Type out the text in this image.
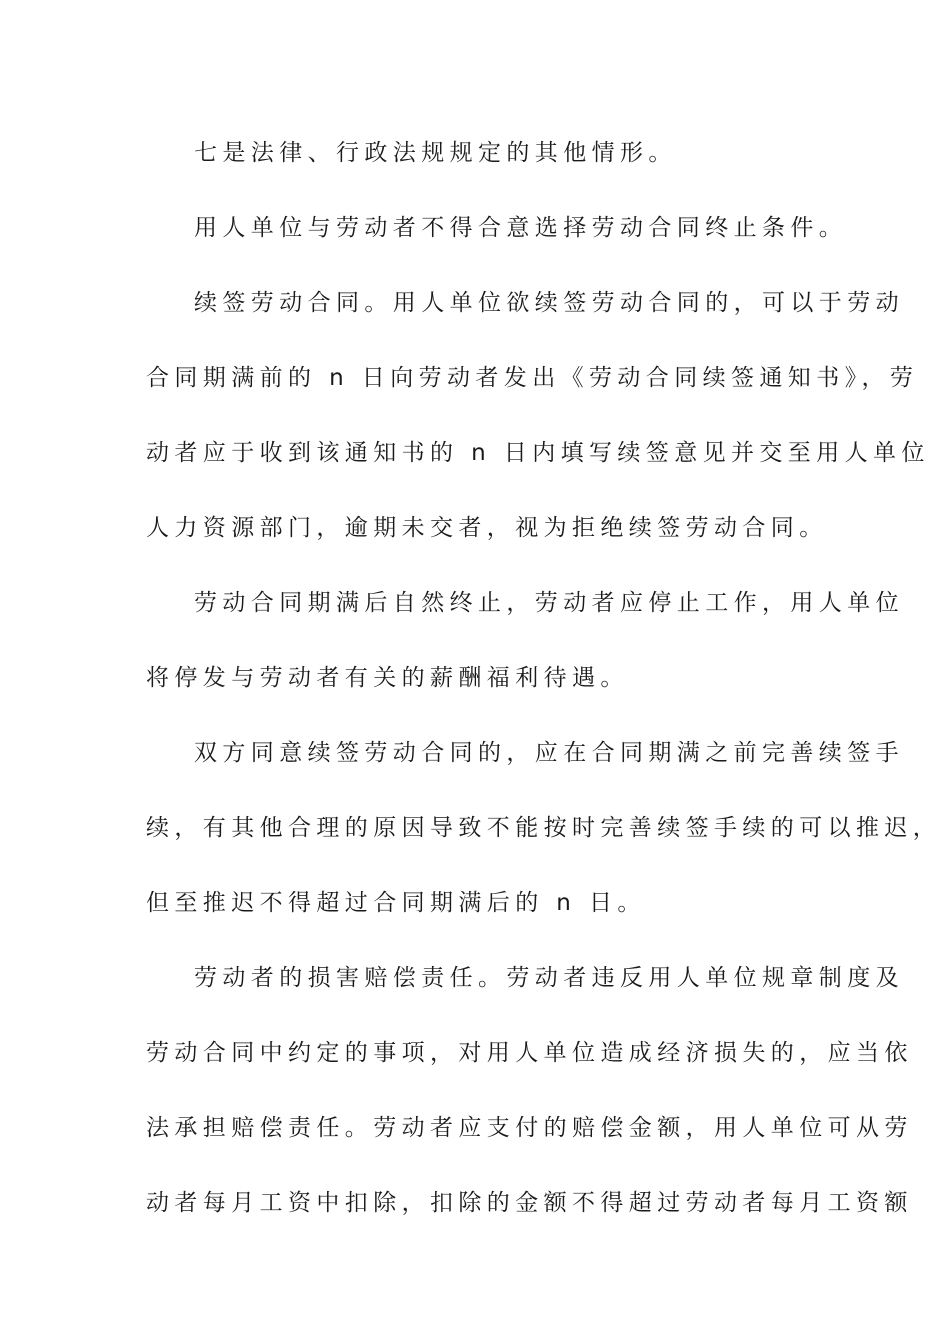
七是法律、行政法规规定的其他情形。
用人单位与劳动者不得合意选择劳动合同终止条件。
续签劳动合同。用人单位欲续签劳动合同的，可以于劳动
合同期满前的 n 日向劳动者发出《劳动合同续签通知书》，劳
动者应于收到该通知书的 n 日内填写续签意见并交至用人单位
人力资源部门，逾期未交者，视为拒绝续签劳动合同。
劳动合同期满后自然终止，劳动者应停止工作，用人单位
将停发与劳动者有关的薪酬福利待遇。
双方同意续签劳动合同的，应在合同期满之前完善续签手
续，有其他合理的原因导致不能按时完善续签手续的可以推迟，
但至推迟不得超过合同期满后的 n 日。
劳动者的损害赔偿责任。劳动者违反用人单位规章制度及
劳动合同中约定的事项，对用人单位造成经济损失的，应当依
法承担赔偿责任。劳动者应支付的赔偿金额，用人单位可从劳
动者每月工资中扣除，扣除的金额不得超过劳动者每月工资额
